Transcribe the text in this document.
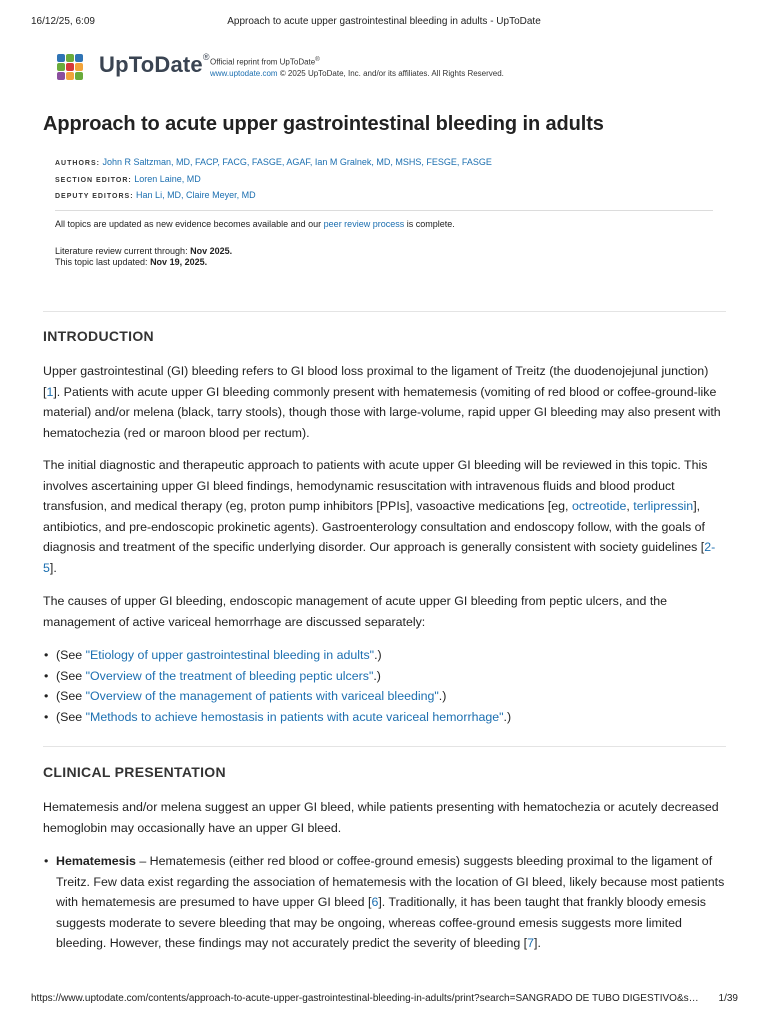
16/12/25, 6:09	Approach to acute upper gastrointestinal bleeding in adults - UpToDate
UpToDate®
Official reprint from UpToDate®
www.uptodate.com © 2025 UpToDate, Inc. and/or its affiliates. All Rights Reserved.
Approach to acute upper gastrointestinal bleeding in adults
AUTHORS: John R Saltzman, MD, FACP, FACG, FASGE, AGAF, Ian M Gralnek, MD, MSHS, FESGE, FASGE
SECTION EDITOR: Loren Laine, MD
DEPUTY EDITORS: Han Li, MD, Claire Meyer, MD
All topics are updated as new evidence becomes available and our peer review process is complete.
Literature review current through: Nov 2025.
This topic last updated: Nov 19, 2025.
INTRODUCTION

Upper gastrointestinal (GI) bleeding refers to GI blood loss proximal to the ligament of Treitz (the duodenojejunal junction) [1]. Patients with acute upper GI bleeding commonly present with hematemesis (vomiting of red blood or coffee-ground-like material) and/or melena (black, tarry stools), though those with large-volume, rapid upper GI bleeding may also present with hematochezia (red or maroon blood per rectum).

The initial diagnostic and therapeutic approach to patients with acute upper GI bleeding will be reviewed in this topic. This involves ascertaining upper GI bleed findings, hemodynamic resuscitation with intravenous fluids and blood product transfusion, and medical therapy (eg, proton pump inhibitors [PPIs], vasoactive medications [eg, octreotide, terlipressin], antibiotics, and pre-endoscopic prokinetic agents). Gastroenterology consultation and endoscopy follow, with the goals of diagnosis and treatment of the specific underlying disorder. Our approach is generally consistent with society guidelines [2-5].

The causes of upper GI bleeding, endoscopic management of acute upper GI bleeding from peptic ulcers, and the management of active variceal hemorrhage are discussed separately:

• (See "Etiology of upper gastrointestinal bleeding in adults".)
• (See "Overview of the treatment of bleeding peptic ulcers".)
• (See "Overview of the management of patients with variceal bleeding".)
• (See "Methods to achieve hemostasis in patients with acute variceal hemorrhage".)
CLINICAL PRESENTATION

Hematemesis and/or melena suggest an upper GI bleed, while patients presenting with hematochezia or acutely decreased hemoglobin may occasionally have an upper GI bleed.

• Hematemesis – Hematemesis (either red blood or coffee-ground emesis) suggests bleeding proximal to the ligament of Treitz. Few data exist regarding the association of hematemesis with the location of GI bleed, likely because most patients with hematemesis are presumed to have upper GI bleed [6]. Traditionally, it has been taught that frankly bloody emesis suggests moderate to severe bleeding that may be ongoing, whereas coffee-ground emesis suggests more limited bleeding. However, these findings may not accurately predict the severity of bleeding [7].
https://www.uptodate.com/contents/approach-to-acute-upper-gastrointestinal-bleeding-in-adults/print?search=SANGRADO DE TUBO DIGESTIVO&s…	1/39
